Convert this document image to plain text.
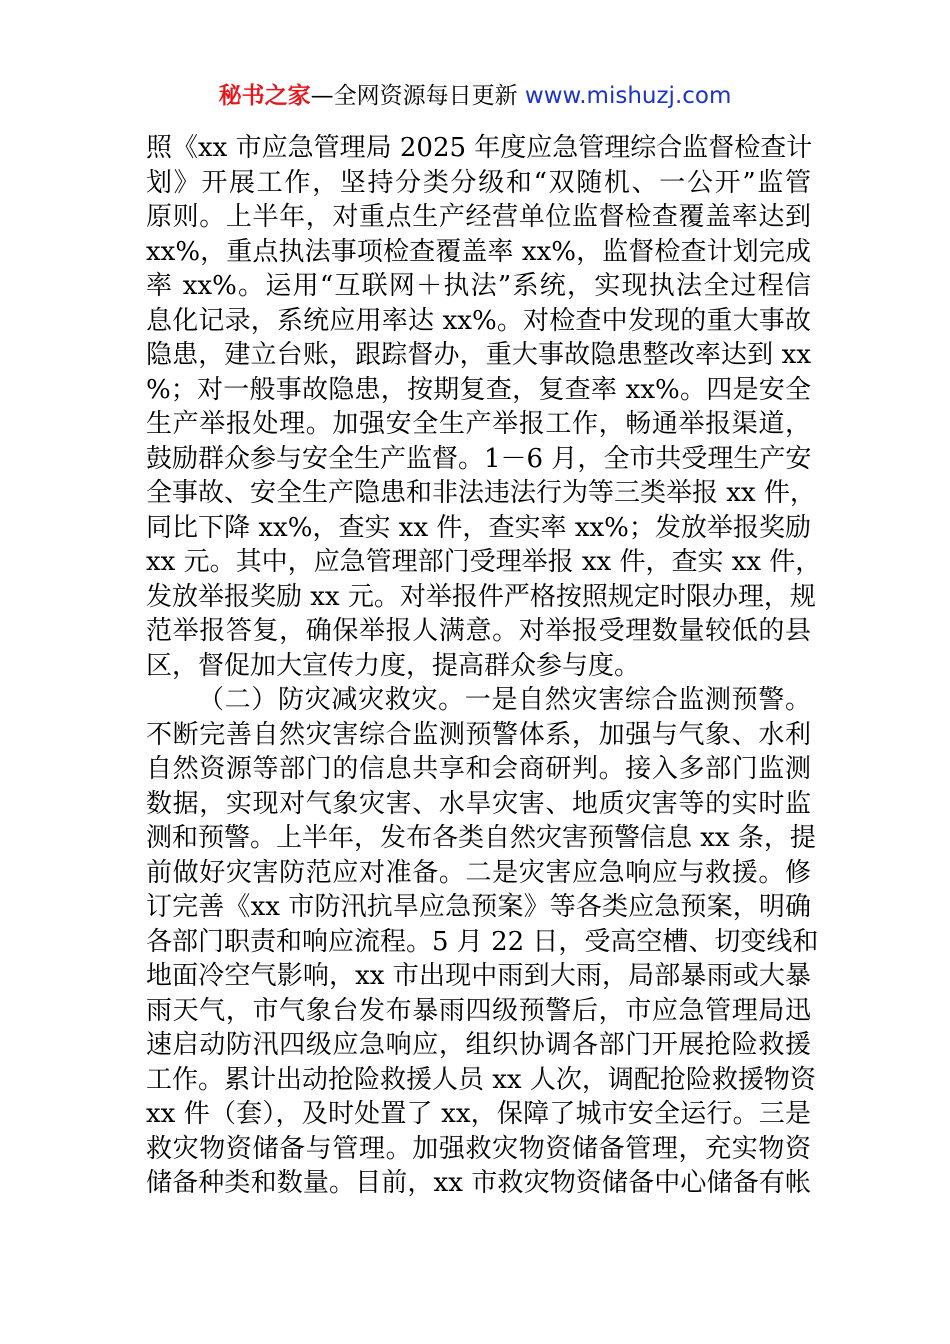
秘书之家—全网资源每日更新 www.mishuzj.com
照《xx 市应急管理局 2025 年度应急管理综合监督检查计
划》开展工作，坚持分类分级和“双随机、一公开”监管
原则。上半年，对重点生产经营单位监督检查覆盖率达到
xx%，重点执法事项检查覆盖率 xx%，监督检查计划完成
率 xx%。运用“互联网＋执法”系统，实现执法全过程信
息化记录，系统应用率达 xx%。对检查中发现的重大事故
隐患，建立台账，跟踪督办，重大事故隐患整改率达到 xx
%；对一般事故隐患，按期复查，复查率 xx%。四是安全
生产举报处理。加强安全生产举报工作，畅通举报渠道，
鼓励群众参与安全生产监督。1－6 月，全市共受理生产安
全事故、安全生产隐患和非法违法行为等三类举报 xx 件，
同比下降 xx%，查实 xx 件，查实率 xx%；发放举报奖励
xx 元。其中，应急管理部门受理举报 xx 件，查实 xx 件，
发放举报奖励 xx 元。对举报件严格按照规定时限办理，规
范举报答复，确保举报人满意。对举报受理数量较低的县
区，督促加大宣传力度，提高群众参与度。
（二）防灾减灾救灾。一是自然灾害综合监测预警。
不断完善自然灾害综合监测预警体系，加强与气象、水利
自然资源等部门的信息共享和会商研判。接入多部门监测
数据，实现对气象灾害、水旱灾害、地质灾害等的实时监
测和预警。上半年，发布各类自然灾害预警信息 xx 条，提
前做好灾害防范应对准备。二是灾害应急响应与救援。修
订完善《xx 市防汛抗旱应急预案》等各类应急预案，明确
各部门职责和响应流程。5 月 22 日，受高空槽、切变线和
地面冷空气影响，xx 市出现中雨到大雨，局部暴雨或大暴
雨天气，市气象台发布暴雨四级预警后，市应急管理局迅
速启动防汛四级应急响应，组织协调各部门开展抢险救援
工作。累计出动抢险救援人员 xx 人次，调配抢险救援物资
xx 件（套），及时处置了 xx，保障了城市安全运行。三是
救灾物资储备与管理。加强救灾物资储备管理，充实物资
储备种类和数量。目前，xx 市救灾物资储备中心储备有帐
